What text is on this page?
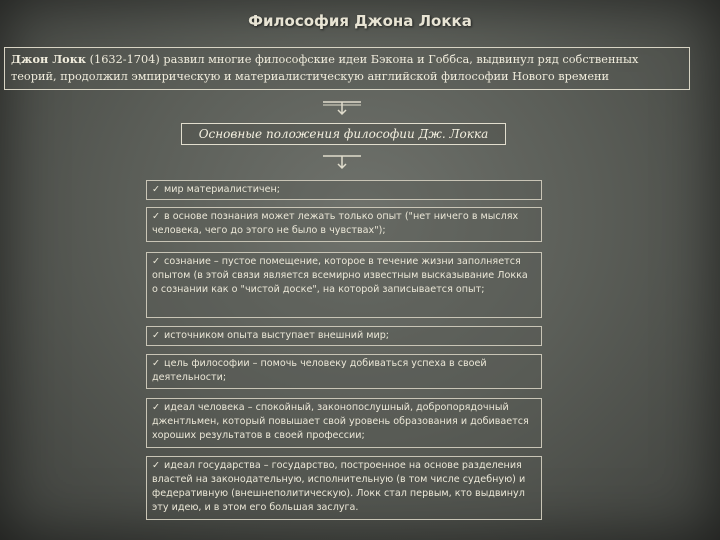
Философия Джона Локка
Джон Локк (1632-1704) развил многие философские идеи Бэкона и Гоббса, выдвинул ряд собственных теорий, продолжил эмпирическую и материалистическую английской философии Нового времени
Основные положения философии Дж. Локка
✓ мир материалистичен;
✓ в основе познания может лежать только опыт ("нет ничего в мыслях человека, чего до этого не было в чувствах");
✓ сознание – пустое помещение, которое в течение жизни заполняется опытом (в этой связи является всемирно известным высказывание Локка о сознании как о "чистой доске", на которой записывается опыт;
✓ источником опыта выступает внешний мир;
✓ цель философии – помочь человеку добиваться успеха в своей деятельности;
✓ идеал человека – спокойный, законопослушный, добропорядочный джентльмен, который повышает свой уровень образования и добивается хороших результатов в своей профессии;
✓ идеал государства – государство, построенное на основе разделения властей на законодательную, исполнительную (в том числе судебную) и федеративную (внешнеполитическую). Локк стал первым, кто выдвинул эту идею, и в этом его большая заслуга.
